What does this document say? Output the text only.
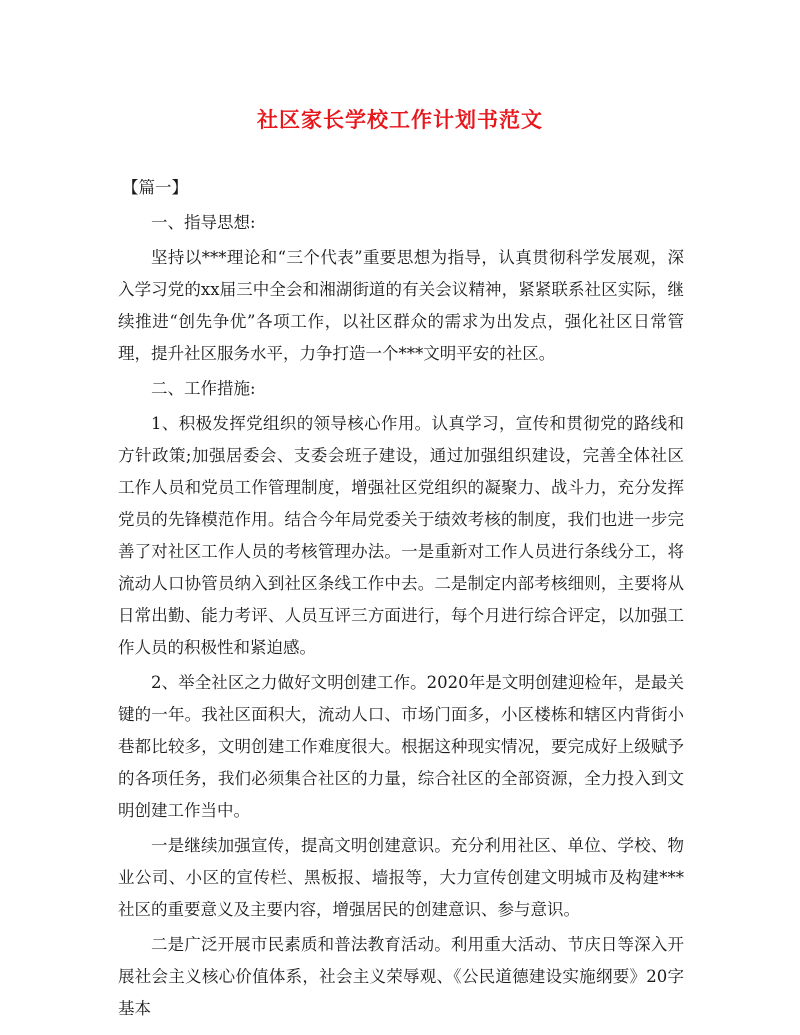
社区家长学校工作计划书范文

【篇一】

一、指导思想:

坚持以***理论和“三个代表”重要思想为指导，认真贯彻科学发展观，深入学习党的xx届三中全会和湘湖街道的有关会议精神，紧紧联系社区实际，继续推进“创先争优”各项工作，以社区群众的需求为出发点，强化社区日常管理，提升社区服务水平，力争打造一个***文明平安的社区。

二、工作措施:

1、积极发挥党组织的领导核心作用。认真学习，宣传和贯彻党的路线和方针政策;加强居委会、支委会班子建设，通过加强组织建设，完善全体社区工作人员和党员工作管理制度，增强社区党组织的凝聚力、战斗力，充分发挥党员的先锋模范作用。结合今年局党委关于绩效考核的制度，我们也进一步完善了对社区工作人员的考核管理办法。一是重新对工作人员进行条线分工，将流动人口协管员纳入到社区条线工作中去。二是制定内部考核细则，主要将从日常出勤、能力考评、人员互评三方面进行，每个月进行综合评定，以加强工作人员的积极性和紧迫感。

2、举全社区之力做好文明创建工作。2020年是文明创建迎检年，是最关键的一年。我社区面积大，流动人口、市场门面多，小区楼栋和辖区内背街小巷都比较多，文明创建工作难度很大。根据这种现实情况，要完成好上级赋予的各项任务，我们必须集合社区的力量，综合社区的全部资源，全力投入到文明创建工作当中。

一是继续加强宣传，提高文明创建意识。充分利用社区、单位、学校、物业公司、小区的宣传栏、黑板报、墙报等，大力宣传创建文明城市及构建***社区的重要意义及主要内容，增强居民的创建意识、参与意识。

二是广泛开展市民素质和普法教育活动。利用重大活动、节庆日等深入开展社会主义核心价值体系，社会主义荣辱观、《公民道德建设实施纲要》20字基本
